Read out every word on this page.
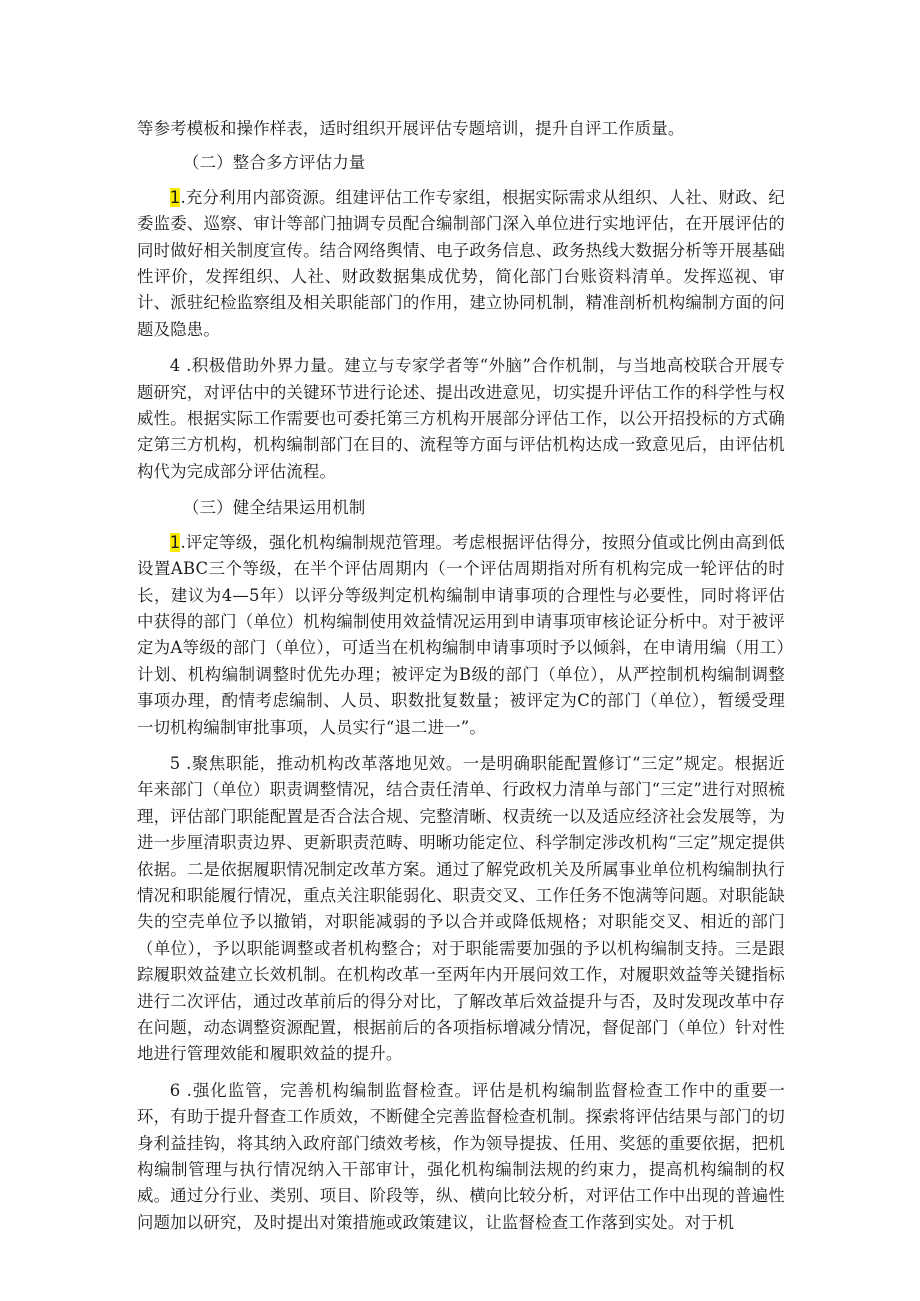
等参考模板和操作样表，适时组织开展评估专题培训，提升自评工作质量。

（二）整合多方评估力量

1.充分利用内部资源。组建评估工作专家组，根据实际需求从组织、人社、财政、纪委监委、巡察、审计等部门抽调专员配合编制部门深入单位进行实地评估，在开展评估的同时做好相关制度宣传。结合网络舆情、电子政务信息、政务热线大数据分析等开展基础性评价，发挥组织、人社、财政数据集成优势，简化部门台账资料清单。发挥巡视、审计、派驻纪检监察组及相关职能部门的作用，建立协同机制，精准剖析机构编制方面的问题及隐患。

4 .积极借助外界力量。建立与专家学者等“外脑”合作机制，与当地高校联合开展专题研究，对评估中的关键环节进行论述、提出改进意见，切实提升评估工作的科学性与权威性。根据实际工作需要也可委托第三方机构开展部分评估工作，以公开招投标的方式确定第三方机构，机构编制部门在目的、流程等方面与评估机构达成一致意见后，由评估机构代为完成部分评估流程。

（三）健全结果运用机制

1.评定等级，强化机构编制规范管理。考虑根据评估得分，按照分值或比例由高到低设置ABC三个等级，在半个评估周期内（一个评估周期指对所有机构完成一轮评估的时长，建议为4—5年）以评分等级判定机构编制申请事项的合理性与必要性，同时将评估中获得的部门（单位）机构编制使用效益情况运用到申请事项审核论证分析中。对于被评定为A等级的部门（单位），可适当在机构编制申请事项时予以倾斜，在申请用编（用工）计划、机构编制调整时优先办理；被评定为B级的部门（单位），从严控制机构编制调整事项办理，酌情考虑编制、人员、职数批复数量；被评定为C的部门（单位），暂缓受理一切机构编制审批事项，人员实行“退二进一”。

5 .聚焦职能，推动机构改革落地见效。一是明确职能配置修订“三定”规定。根据近年来部门（单位）职责调整情况，结合责任清单、行政权力清单与部门“三定”进行对照梳理，评估部门职能配置是否合法合规、完整清晰、权责统一以及适应经济社会发展等，为进一步厘清职责边界、更新职责范畴、明晰功能定位、科学制定涉改机构“三定”规定提供依据。二是依据履职情况制定改革方案。通过了解党政机关及所属事业单位机构编制执行情况和职能履行情况，重点关注职能弱化、职责交叉、工作任务不饱满等问题。对职能缺失的空壳单位予以撤销，对职能减弱的予以合并或降低规格；对职能交叉、相近的部门（单位），予以职能调整或者机构整合；对于职能需要加强的予以机构编制支持。三是跟踪履职效益建立长效机制。在机构改革一至两年内开展问效工作，对履职效益等关键指标进行二次评估，通过改革前后的得分对比，了解改革后效益提升与否，及时发现改革中存在问题，动态调整资源配置，根据前后的各项指标增减分情况，督促部门（单位）针对性地进行管理效能和履职效益的提升。

6 .强化监管，完善机构编制监督检查。评估是机构编制监督检查工作中的重要一环，有助于提升督查工作质效，不断健全完善监督检查机制。探索将评估结果与部门的切身利益挂钩，将其纳入政府部门绩效考核，作为领导提拔、任用、奖惩的重要依据，把机构编制管理与执行情况纳入干部审计，强化机构编制法规的约束力，提高机构编制的权威。通过分行业、类别、项目、阶段等，纵、横向比较分析，对评估工作中出现的普遍性问题加以研究，及时提出对策措施或政策建议，让监督检查工作落到实处。对于机
